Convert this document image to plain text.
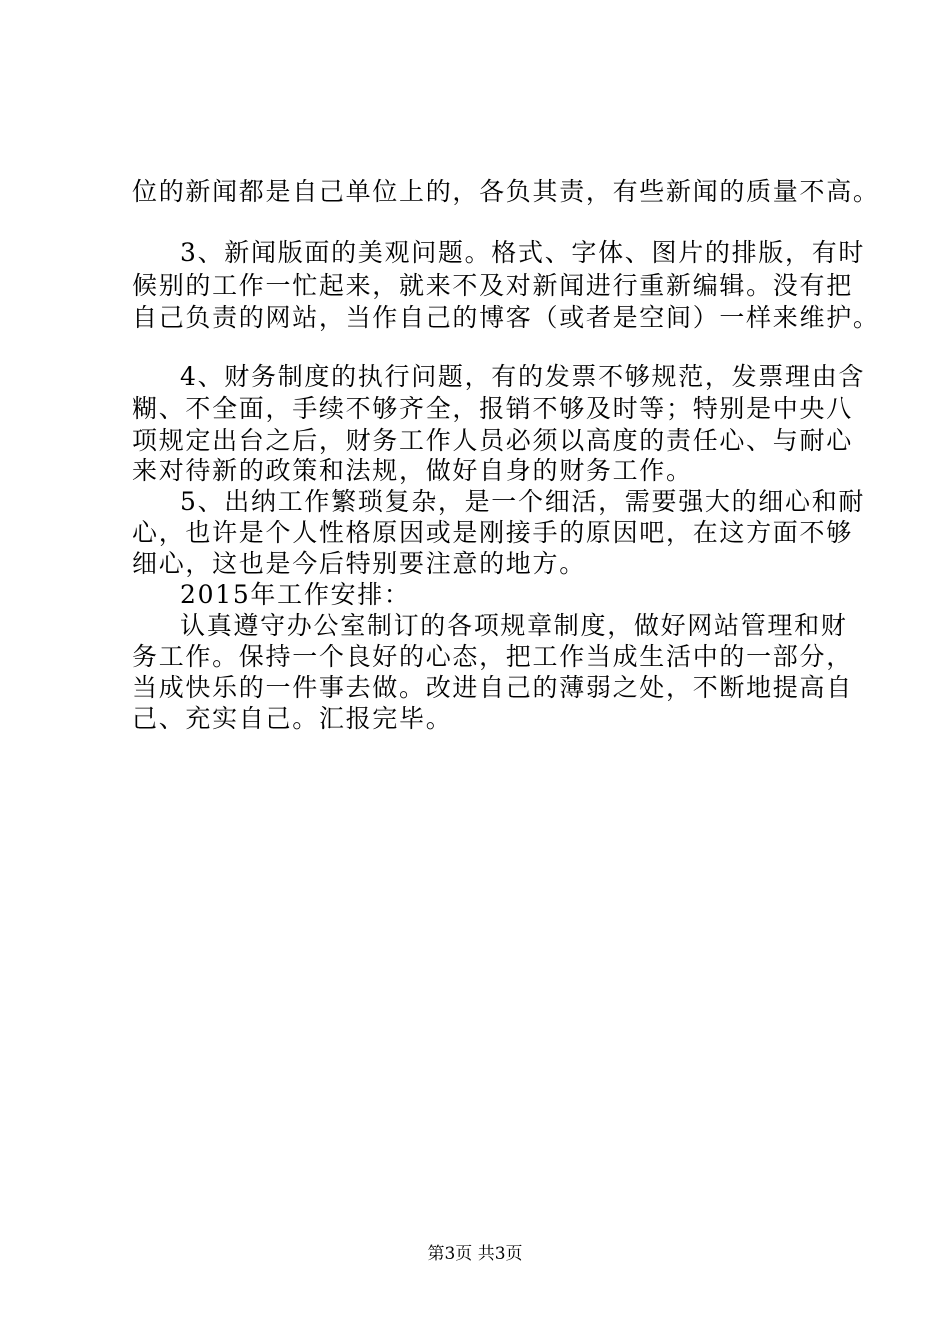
位的新闻都是自己单位上的，各负其责，有些新闻的质量不高。
3、新闻版面的美观问题。格式、字体、图片的排版，有时
候别的工作一忙起来，就来不及对新闻进行重新编辑。没有把
自己负责的网站，当作自己的博客（或者是空间）一样来维护。
4、财务制度的执行问题，有的发票不够规范，发票理由含
糊、不全面，手续不够齐全，报销不够及时等；特别是中央八
项规定出台之后，财务工作人员必须以高度的责任心、与耐心
来对待新的政策和法规，做好自身的财务工作。
5、出纳工作繁琐复杂，是一个细活，需要强大的细心和耐
心，也许是个人性格原因或是刚接手的原因吧，在这方面不够
细心，这也是今后特别要注意的地方。
2015年工作安排：
认真遵守办公室制订的各项规章制度，做好网站管理和财
务工作。保持一个良好的心态，把工作当成生活中的一部分，
当成快乐的一件事去做。改进自己的薄弱之处，不断地提高自
己、充实自己。汇报完毕。
第3页 共3页
